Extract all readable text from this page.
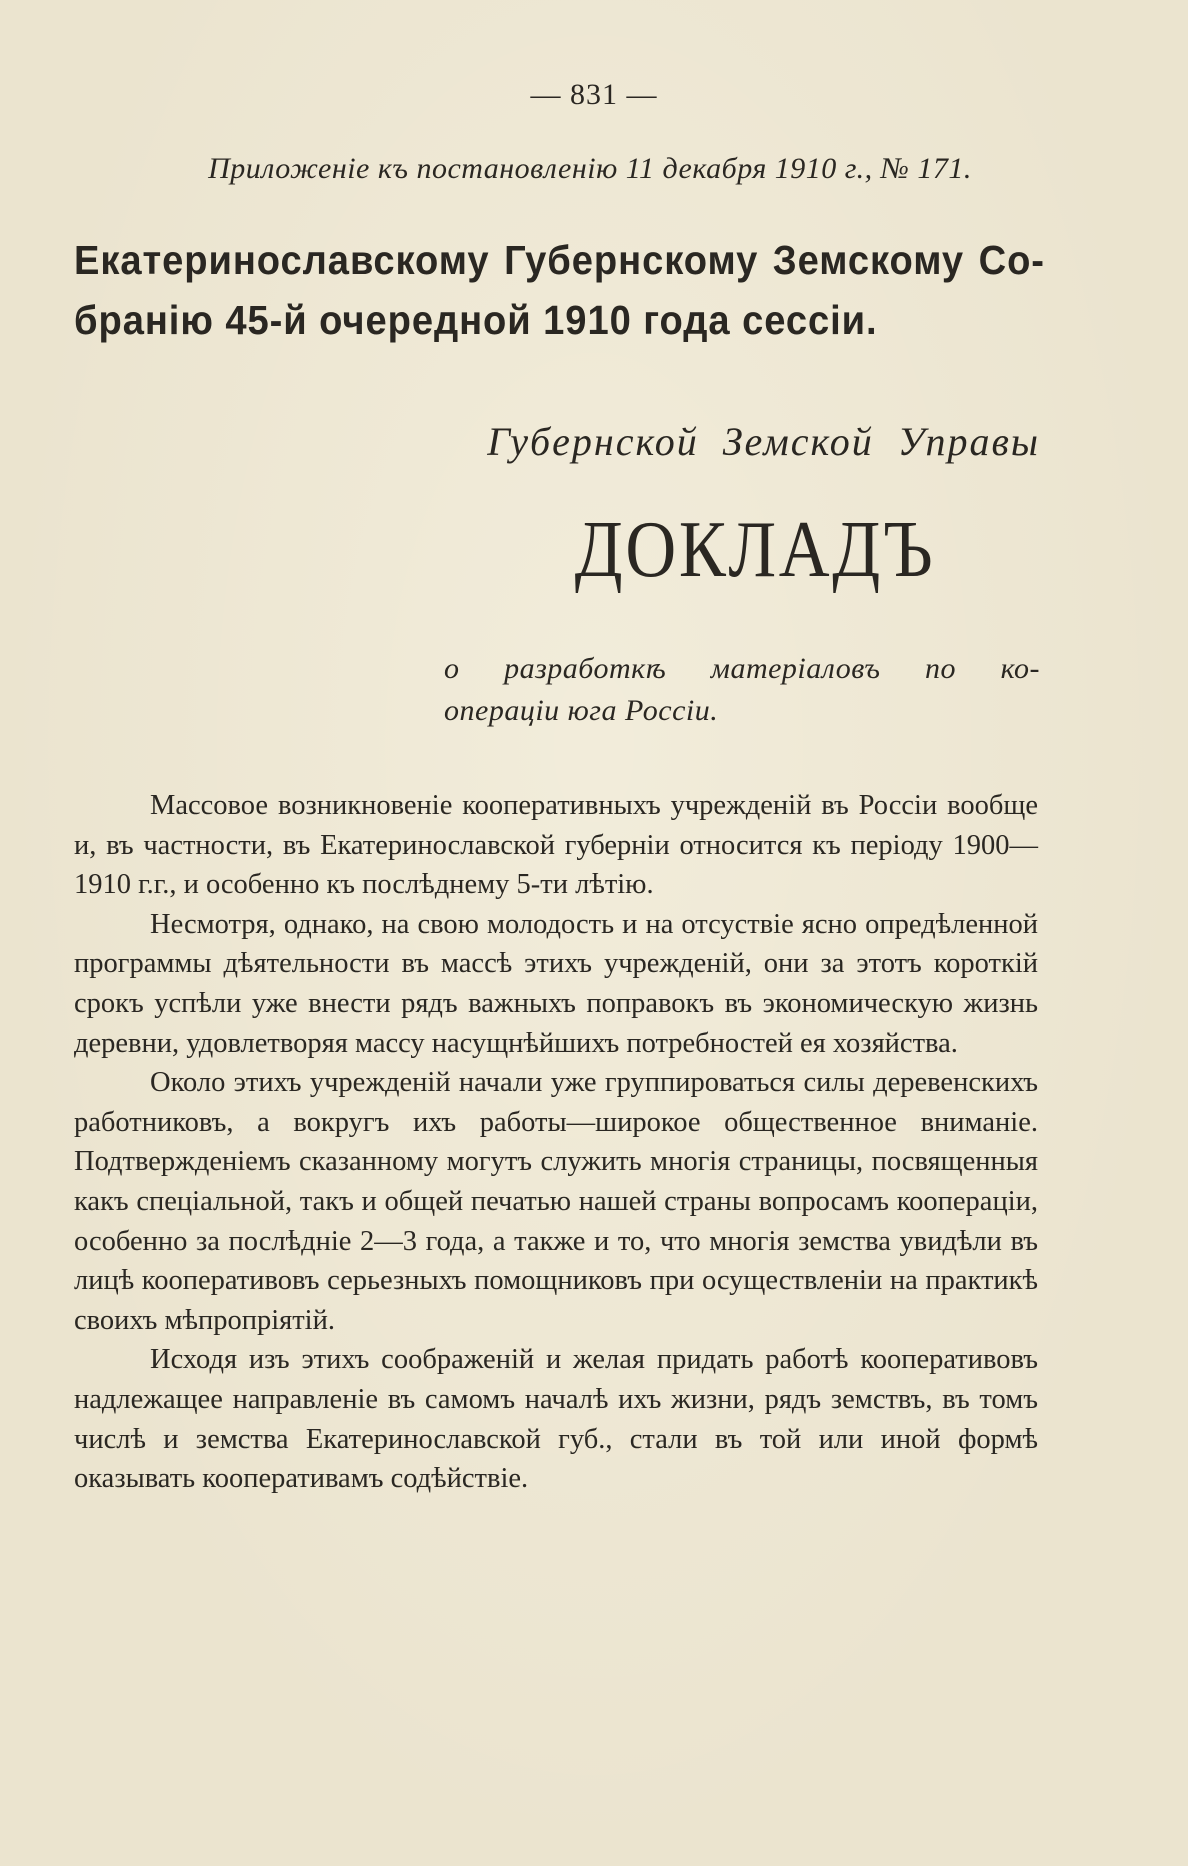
— 831 —
Приложенiе къ постановленiю 11 декабря 1910 г., № 171.
Екатеринославскому Губернскому Земскому Со-
бранiю 45-й очередной 1910 года сессiи.
Губернской Земской Управы
ДОКЛАДЪ
о разработкѣ матерiаловъ по ко-
операцiи юга Россiи.

Массовое возникновенiе кооперативныхъ учрежденiй въ Россiи вообще и, въ частности, въ Екатеринославской губернiи относится къ перiоду 1900—1910 г.г., и особенно къ послѣднему 5-ти лѣтiю.

Несмотря, однако, на свою молодость и на отсуствiе ясно опредѣленной программы дѣятельности въ массѣ этихъ учрежденiй, они за этотъ короткiй срокъ успѣли уже внести рядъ важныхъ поправокъ въ экономическую жизнь деревни, удовлетворяя массу насущнѣйшихъ потребностей ея хозяйства.

Около этихъ учрежденiй начали уже группироваться силы деревенскихъ работниковъ, а вокругъ ихъ работы—широкое общественное вниманiе. Подтвержденiемъ сказанному могутъ служить многiя страницы, посвященныя какъ спецiальной, такъ и общей печатью нашей страны вопросамъ кооперацiи, особенно за послѣднiе 2—3 года, а также и то, что многiя земства увидѣли въ лицѣ кооперативовъ серьезныхъ помощниковъ при осуществленiи на практикѣ своихъ мѣпропрiятiй.

Исходя изъ этихъ соображенiй и желая придать работѣ кооперативовъ надлежащее направленiе въ самомъ началѣ ихъ жизни, рядъ земствъ, въ томъ числѣ и земства Екатеринославской губ., стали въ той или иной формѣ оказывать кооперативамъ содѣйствiе.
